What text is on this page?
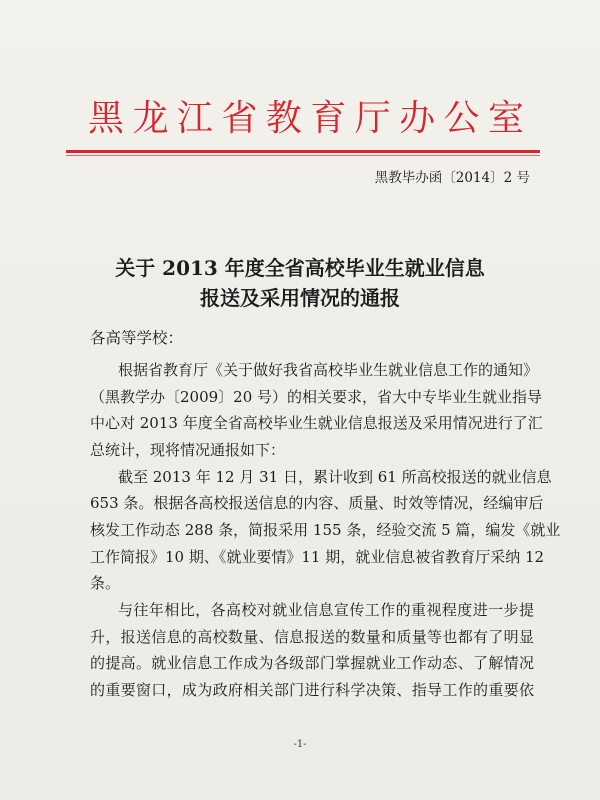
黑龙江省教育厅办公室
黑教毕办函〔2014〕2 号
关于 2013 年度全省高校毕业生就业信息
报送及采用情况的通报
各高等学校：
根据省教育厅《关于做好我省高校毕业生就业信息工作的通知》
（黑教学办〔2009〕20 号）的相关要求，省大中专毕业生就业指导
中心对 2013 年度全省高校毕业生就业信息报送及采用情况进行了汇
总统计，现将情况通报如下：
截至 2013 年 12 月 31 日，累计收到 61 所高校报送的就业信息
653 条。根据各高校报送信息的内容、质量、时效等情况，经编审后
核发工作动态 288 条，简报采用 155 条，经验交流 5 篇，编发《就业
工作简报》10 期、《就业要情》11 期，就业信息被省教育厅采纳 12
条。
与往年相比，各高校对就业信息宣传工作的重视程度进一步提
升，报送信息的高校数量、信息报送的数量和质量等也都有了明显
的提高。就业信息工作成为各级部门掌握就业工作动态、了解情况
的重要窗口，成为政府相关部门进行科学决策、指导工作的重要依
-1-
